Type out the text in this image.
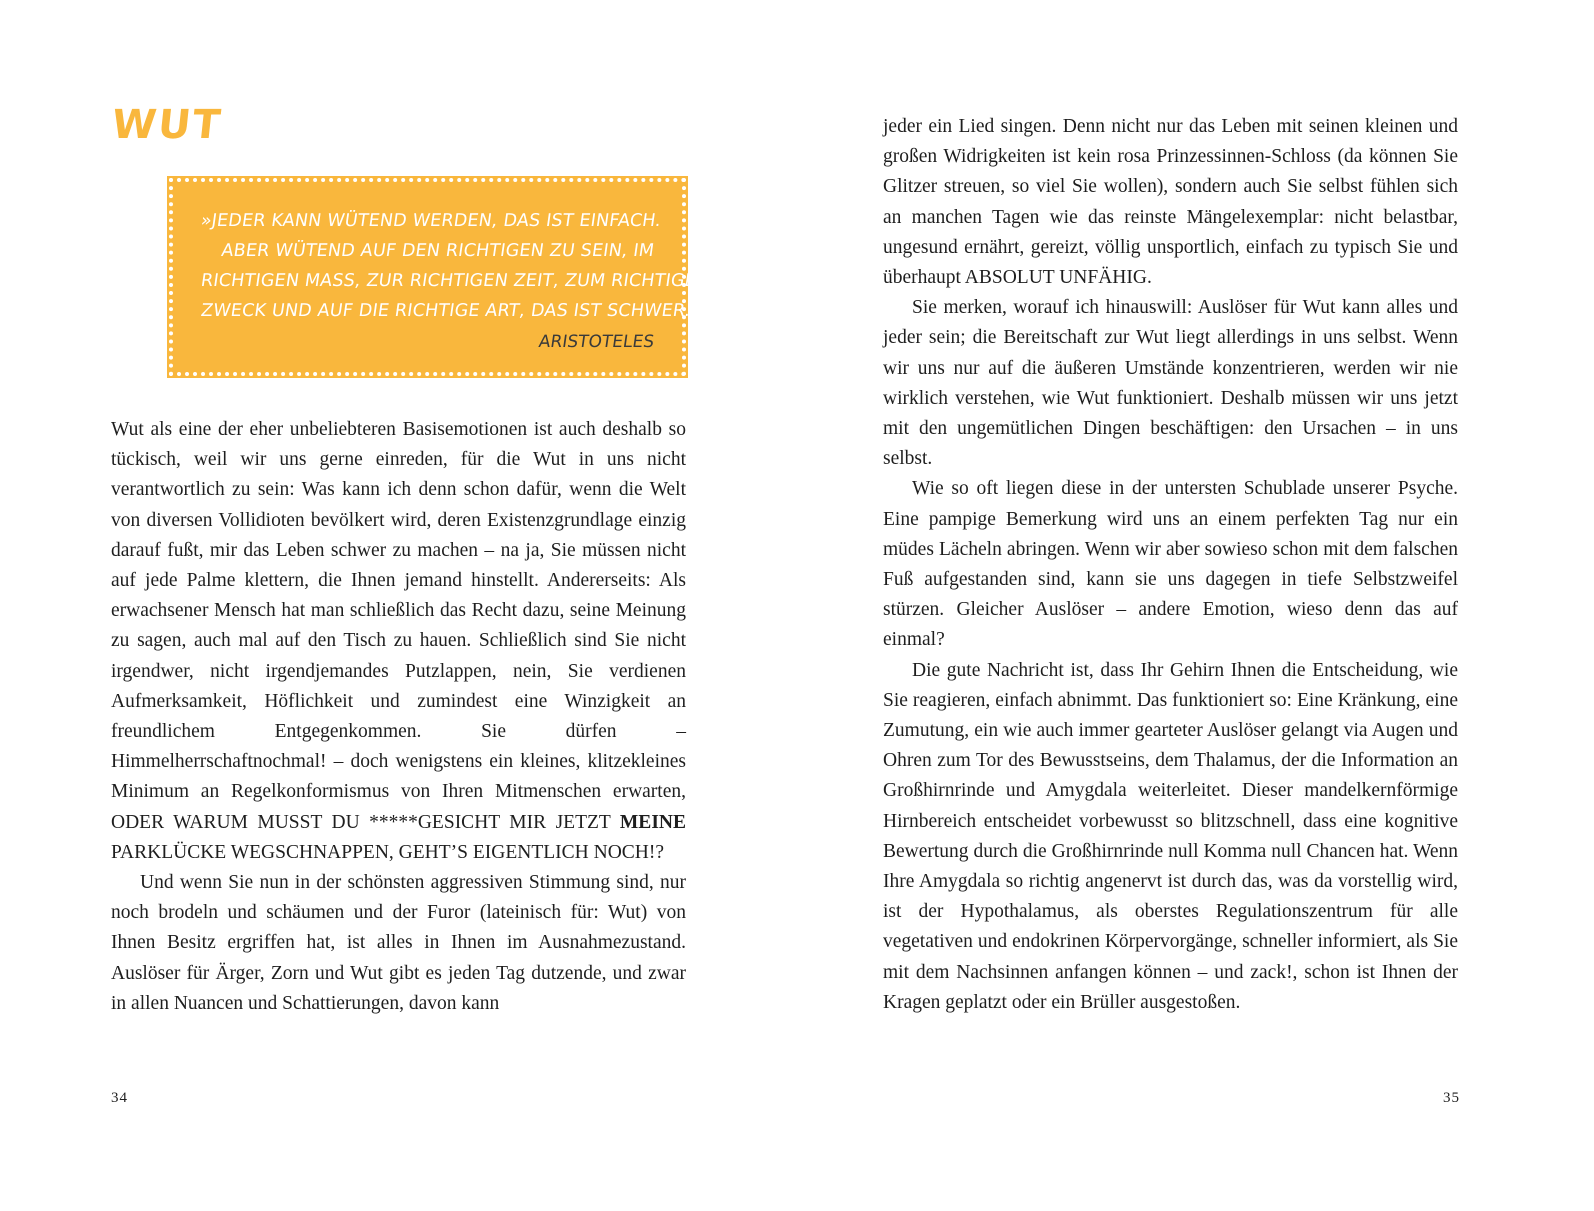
WUT
»JEDER KANN WÜTEND WERDEN, DAS IST EINFACH.
ABER WÜTEND AUF DEN RICHTIGEN ZU SEIN, IM
RICHTIGEN MASS, ZUR RICHTIGEN ZEIT, ZUM RICHTIGEN
ZWECK UND AUF DIE RICHTIGE ART, DAS IST SCHWER.«
ARISTOTELES

Wut als eine der eher unbeliebteren Basisemotionen ist auch deshalb so tückisch, weil wir uns gerne einreden, für die Wut in uns nicht verantwortlich zu sein: Was kann ich denn schon dafür, wenn die Welt von diversen Vollidioten bevölkert wird, deren Existenzgrundlage einzig darauf fußt, mir das Leben schwer zu machen – na ja, Sie müssen nicht auf jede Palme klettern, die Ihnen jemand hinstellt. Andererseits: Als erwachsener Mensch hat man schließlich das Recht dazu, seine Meinung zu sagen, auch mal auf den Tisch zu hauen. Schließlich sind Sie nicht irgendwer, nicht irgendjemandes Putzlappen, nein, Sie verdienen Aufmerksamkeit, Höflichkeit und zumindest eine Winzigkeit an freundlichem Entgegenkommen. Sie dürfen – Himmelherrschaftnochmal! – doch wenigstens ein kleines, klitzekleines Minimum an Regelkonformismus von Ihren Mitmenschen erwarten, ODER WARUM MUSST DU *****GESICHT MIR JETZT MEINE PARKLÜCKE WEGSCHNAPPEN, GEHT’S EIGENTLICH NOCH!?

Und wenn Sie nun in der schönsten aggressiven Stimmung sind, nur noch brodeln und schäumen und der Furor (lateinisch für: Wut) von Ihnen Besitz ergriffen hat, ist alles in Ihnen im Ausnahmezustand. Auslöser für Ärger, Zorn und Wut gibt es jeden Tag dutzende, und zwar in allen Nuancen und Schattierungen, davon kann

34

jeder ein Lied singen. Denn nicht nur das Leben mit seinen kleinen und großen Widrigkeiten ist kein rosa Prinzessinnen-Schloss (da können Sie Glitzer streuen, so viel Sie wollen), sondern auch Sie selbst fühlen sich an manchen Tagen wie das reinste Mängelexemplar: nicht belastbar, ungesund ernährt, gereizt, völlig unsportlich, einfach zu typisch Sie und überhaupt ABSOLUT UNFÄHIG.

Sie merken, worauf ich hinauswill: Auslöser für Wut kann alles und jeder sein; die Bereitschaft zur Wut liegt allerdings in uns selbst. Wenn wir uns nur auf die äußeren Umstände konzentrieren, werden wir nie wirklich verstehen, wie Wut funktioniert. Deshalb müssen wir uns jetzt mit den ungemütlichen Dingen beschäftigen: den Ursachen – in uns selbst.

Wie so oft liegen diese in der untersten Schublade unserer Psyche. Eine pampige Bemerkung wird uns an einem perfekten Tag nur ein müdes Lächeln abringen. Wenn wir aber sowieso schon mit dem falschen Fuß aufgestanden sind, kann sie uns dagegen in tiefe Selbstzweifel stürzen. Gleicher Auslöser – andere Emotion, wieso denn das auf einmal?

Die gute Nachricht ist, dass Ihr Gehirn Ihnen die Entscheidung, wie Sie reagieren, einfach abnimmt. Das funktioniert so: Eine Kränkung, eine Zumutung, ein wie auch immer gearteter Auslöser gelangt via Augen und Ohren zum Tor des Bewusstseins, dem Thalamus, der die Information an Großhirnrinde und Amygdala weiterleitet. Dieser mandelkernförmige Hirnbereich entscheidet vorbewusst so blitzschnell, dass eine kognitive Bewertung durch die Großhirnrinde null Komma null Chancen hat. Wenn Ihre Amygdala so richtig angenervt ist durch das, was da vorstellig wird, ist der Hypothalamus, als oberstes Regulationszentrum für alle vegetativen und endokrinen Körpervorgänge, schneller informiert, als Sie mit dem Nachsinnen anfangen können – und zack!, schon ist Ihnen der Kragen geplatzt oder ein Brüller ausgestoßen.

35
